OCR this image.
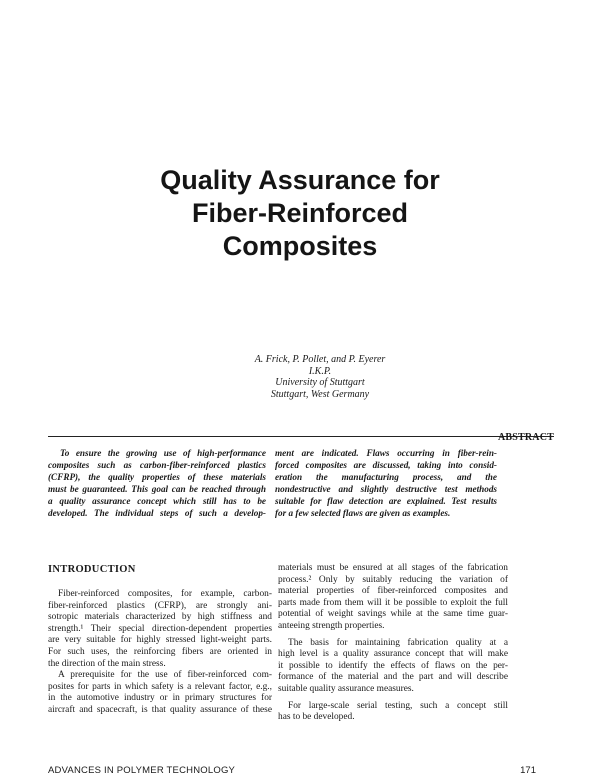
Quality Assurance for
Fiber-Reinforced
Composites
A. Frick, P. Pollet, and P. Eyerer
I.K.P.
University of Stuttgart
Stuttgart, West Germany
ABSTRACT
To ensure the growing use of high-performance
composites such as carbon-fiber-reinforced plastics
(CFRP), the quality properties of these materials
must be guaranteed. This goal can be reached through
a quality assurance concept which still has to be
developed. The individual steps of such a develop-
ment are indicated. Flaws occurring in fiber-rein-
forced composites are discussed, taking into consid-
eration the manufacturing process, and the
nondestructive and slightly destructive test methods
suitable for flaw detection are explained. Test results
for a few selected flaws are given as examples.
INTRODUCTION
Fiber-reinforced composites, for example, carbon-
fiber-reinforced plastics (CFRP), are strongly ani-
sotropic materials characterized by high stiffness and
strength.¹ Their special direction-dependent properties
are very suitable for highly stressed light-weight parts.
For such uses, the reinforcing fibers are oriented in
the direction of the main stress.
A prerequisite for the use of fiber-reinforced com-
posites for parts in which safety is a relevant factor, e.g.,
in the automotive industry or in primary structures for
aircraft and spacecraft, is that quality assurance of these
materials must be ensured at all stages of the fabrication
process.² Only by suitably reducing the variation of
material properties of fiber-reinforced composites and
parts made from them will it be possible to exploit the full
potential of weight savings while at the same time guar-
anteeing strength properties.
The basis for maintaining fabrication quality at a
high level is a quality assurance concept that will make
it possible to identify the effects of flaws on the per-
formance of the material and the part and will describe
suitable quality assurance measures.
For large-scale serial testing, such a concept still
has to be developed.
ADVANCES IN POLYMER TECHNOLOGY	171
